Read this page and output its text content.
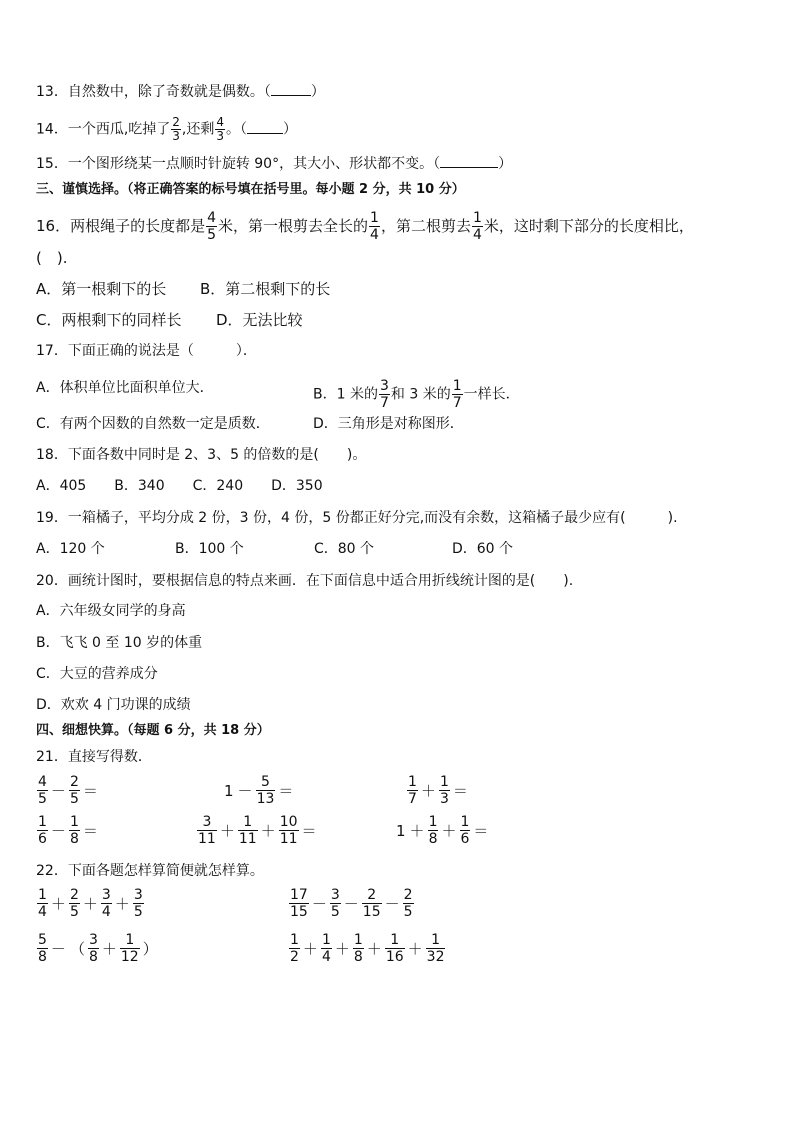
13．自然数中，除了奇数就是偶数。（	）
14．一个西瓜,吃掉了 $\frac{2}{3}$ ,还剩 $\frac{4}{3}$ 。（	）
15．一个图形绕某一点顺时针旋转 90°，其大小、形状都不变。（	）
三、谨慎选择。（将正确答案的标号填在括号里。每小题 2 分，共 10 分）
16．两根绳子的长度都是 $\frac{4}{5}$ 米，第一根剪去全长的 $\frac{1}{4}$ ，第二根剪去 $\frac{1}{4}$ 米，这时剩下部分的长度相比，
(　).
A．第一根剩下的长 B．第二根剩下的长
C．两根剩下的同样长 D．无法比较
17．下面正确的说法是（　　　）．
A．体积单位比面积单位大．	B．1 米的 $\frac{3}{7}$ 和 3 米的 $\frac{1}{7}$ 一样长．
C．有两个因数的自然数一定是质数．	D．三角形是对称图形．
18．下面各数中同时是 2、3、5 的倍数的是(　　)。
A．405　　B．340　　C．240　　D．350
19．一箱橘子，平均分成 2 份，3 份，4 份，5 份都正好分完,而没有余数，这箱橘子最少应有(　　　).
A．120 个	B．100 个	C．80 个	D．60 个
20．画统计图时，要根据信息的特点来画．在下面信息中适合用折线统计图的是(　　).
A．六年级女同学的身高
B．飞飞 0 至 10 岁的体重
C．大豆的营养成分
D．欢欢 4 门功课的成绩
四、细想快算。（每题 6 分，共 18 分）
21．直接写得数．
$\frac{4}{5} - \frac{2}{5}$ ＝	$1 - \frac{5}{13}$ ＝	$\frac{1}{7} + \frac{1}{3}$ ＝
$\frac{1}{6} - \frac{1}{8}$ ＝	$\frac{3}{11} + \frac{1}{11} + \frac{10}{11}$ ＝	$1 + \frac{1}{8} + \frac{1}{6}$ ＝
22．下面各题怎样算简便就怎样算。
$\frac{1}{4} + \frac{2}{5} + \frac{3}{4} + \frac{3}{5}$	$\frac{17}{15} - \frac{3}{5} - \frac{2}{15} - \frac{2}{5}$
$\frac{5}{8}$ － （ $\frac{3}{8} + \frac{1}{12}$ ）	$\frac{1}{2} + \frac{1}{4} + \frac{1}{8} + \frac{1}{16} + \frac{1}{32}$
